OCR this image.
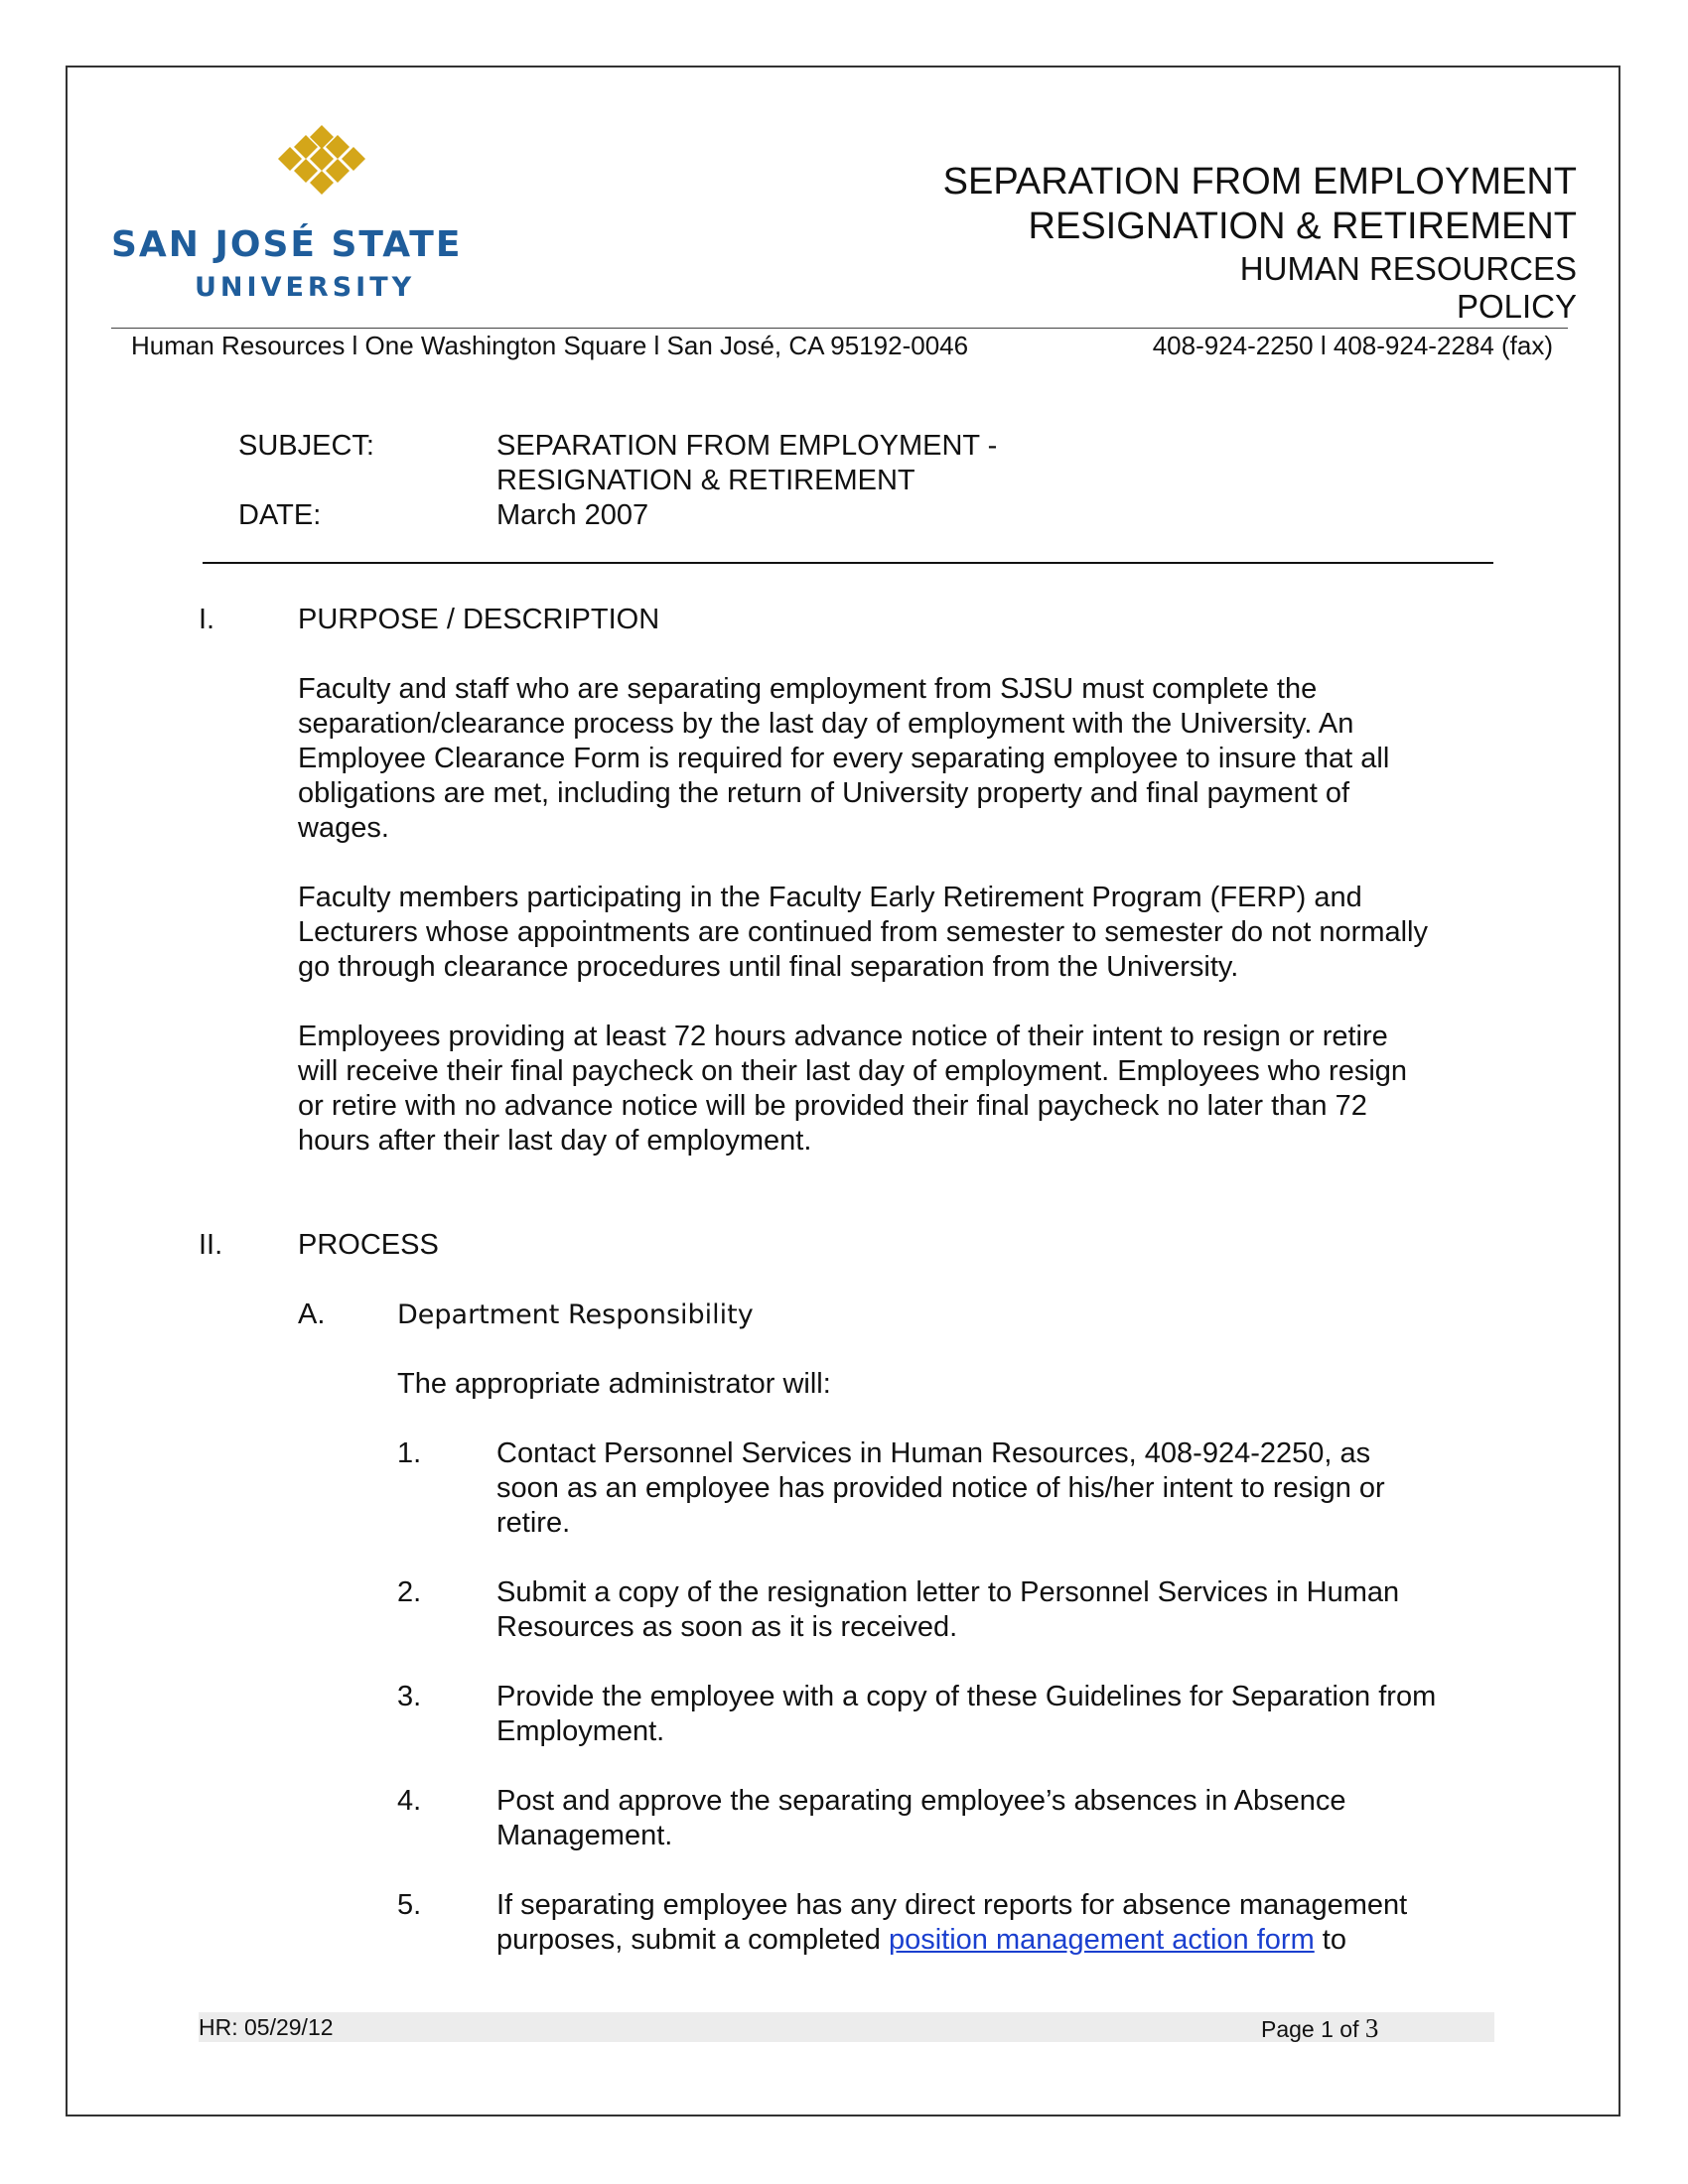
SAN JOSÉ STATE
UNIVERSITY
SEPARATION FROM EMPLOYMENT
RESIGNATION & RETIREMENT
HUMAN RESOURCES
POLICY
Human Resources l One Washington Square l San José, CA 95192-0046	408-924-2250 l 408-924-2284 (fax)
SUBJECT:	SEPARATION FROM EMPLOYMENT -
RESIGNATION & RETIREMENT
DATE:	March 2007
I.	PURPOSE / DESCRIPTION
Faculty and staff who are separating employment from SJSU must complete the
separation/clearance process by the last day of employment with the University. An
Employee Clearance Form is required for every separating employee to insure that all
obligations are met, including the return of University property and final payment of
wages.
Faculty members participating in the Faculty Early Retirement Program (FERP) and
Lecturers whose appointments are continued from semester to semester do not normally
go through clearance procedures until final separation from the University.
Employees providing at least 72 hours advance notice of their intent to resign or retire
will receive their final paycheck on their last day of employment. Employees who resign
or retire with no advance notice will be provided their final paycheck no later than 72
hours after their last day of employment.
II.	PROCESS
A.	Department Responsibility
The appropriate administrator will:
1.	Contact Personnel Services in Human Resources, 408-924-2250, as
soon as an employee has provided notice of his/her intent to resign or
retire.
2.	Submit a copy of the resignation letter to Personnel Services in Human
Resources as soon as it is received.
3.	Provide the employee with a copy of these Guidelines for Separation from
Employment.
4.	Post and approve the separating employee’s absences in Absence
Management.
5.	If separating employee has any direct reports for absence management
purposes, submit a completed position management action form to
HR: 05/29/12	Page 1 of 3
